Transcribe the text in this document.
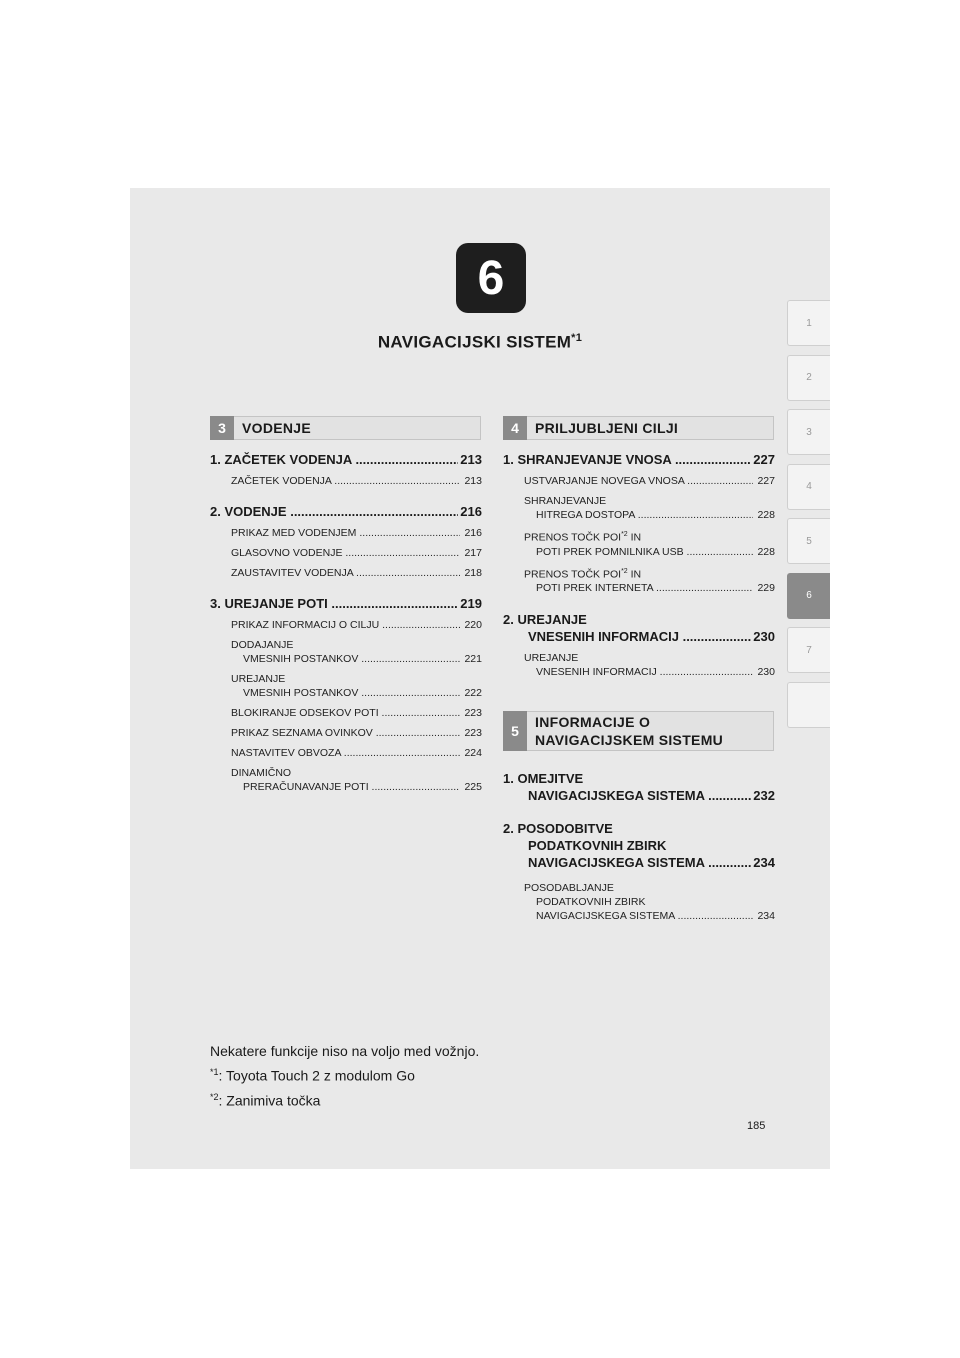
6
NAVIGACIJSKI SISTEM$^{*1}$
1
2
3
4
5
6
7
3	VODENJE	4	PRILJUBLJENI CILJI
1. ZAČETEK VODENJA .....	213
ZAČETEK VODENJA .....	213
2. VODENJE .....	216
PRIKAZ MED VODENJEM .....	216
GLASOVNO VODENJE .....	217
ZAUSTAVITEV VODENJA .....	218
3. UREJANJE POTI .....	219
PRIKAZ INFORMACIJ O CILJU .....	220
DODAJANJE
VMESNIH POSTANKOV .....	221
UREJANJE
VMESNIH POSTANKOV .....	222
BLOKIRANJE ODSEKOV POTI .....	223
PRIKAZ SEZNAMA OVINKOV .....	223
NASTAVITEV OBVOZA .....	224
DINAMIČNO
PRERAČUNAVANJE POTI .....	225
1. SHRANJEVANJE VNOSA .....	227
USTVARJANJE NOVEGA VNOSA .....	227
SHRANJEVANJE
HITREGA DOSTOPA .....	228
PRENOS TOČK POI$^{*2}$ IN
POTI PREK POMNILNIKA USB .....	228
PRENOS TOČK POI$^{*2}$ IN
POTI PREK INTERNETA .....	229
2. UREJANJE
VNESENIH INFORMACIJ .....	230
UREJANJE
VNESENIH INFORMACIJ .....	230
5
INFORMACIJE O
NAVIGACIJSKEM SISTEMU
1. OMEJITVE
NAVIGACIJSKEGA SISTEMA .....	232
2. POSODOBITVE
PODATKOVNIH ZBIRK
NAVIGACIJSKEGA SISTEMA .....	234
POSODABLJANJE
PODATKOVNIH ZBIRK
NAVIGACIJSKEGA SISTEMA .....	234
Nekatere funkcije niso na voljo med vožnjo.
$^{*1}$: Toyota Touch 2 z modulom Go
$^{*2}$: Zanimiva točka
185
